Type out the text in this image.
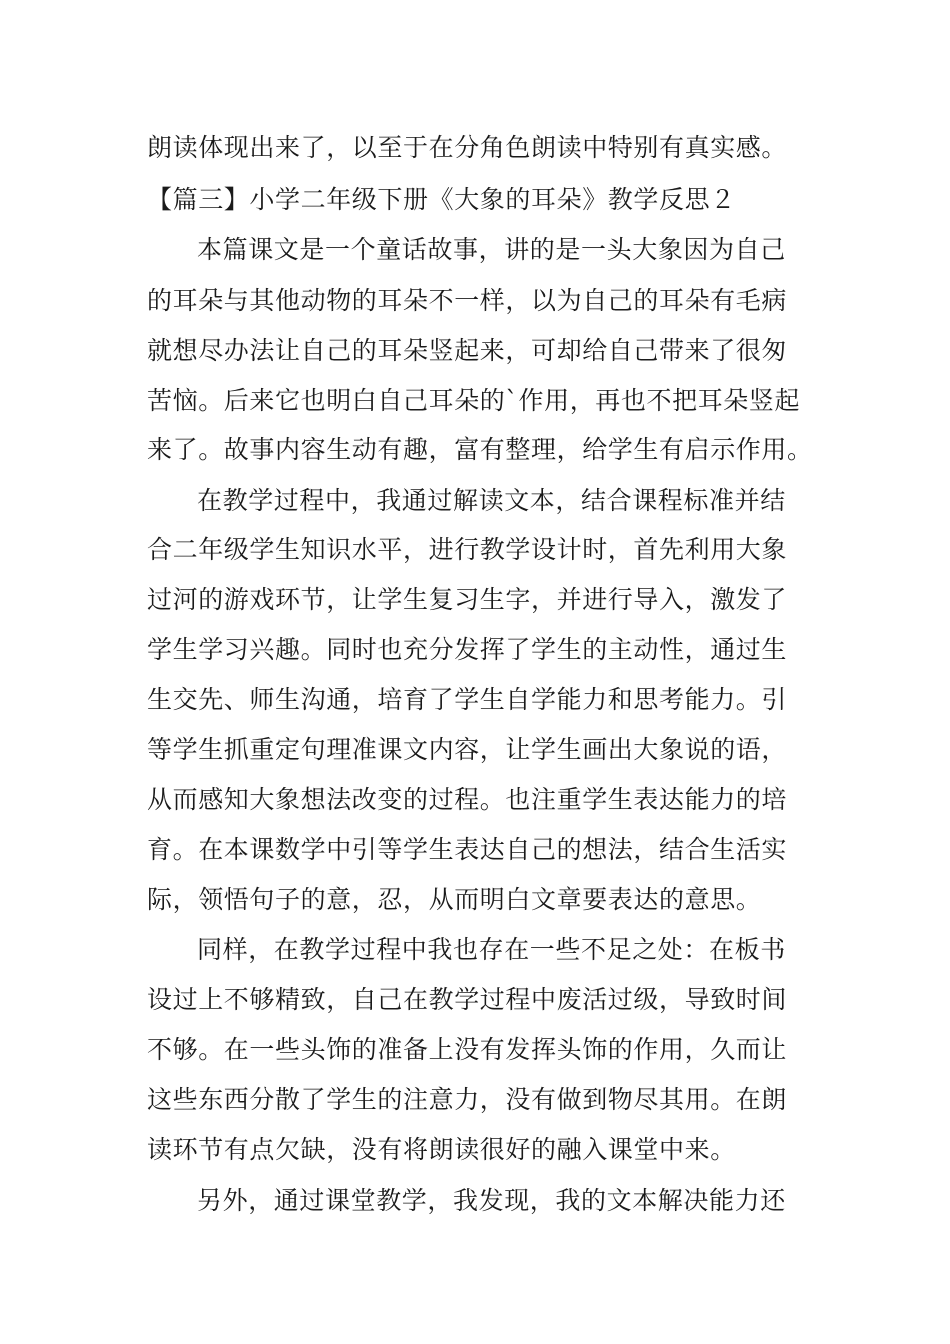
朗读体现出来了，以至于在分角色朗读中特别有真实感。
【篇三】小学二年级下册《大象的耳朵》教学反思２
本篇课文是一个童话故事，讲的是一头大象因为自己
的耳朵与其他动物的耳朵不一样，以为自己的耳朵有毛病
就想尽办法让自己的耳朵竖起来，可却给自己带来了很匆
苦恼。后来它也明白自己耳朵的`作用，再也不把耳朵竖起
来了。故事内容生动有趣，富有整理，给学生有启示作用。
在教学过程中，我通过解读文本，结合课程标准并结
合二年级学生知识水平，进行教学设计时，首先利用大象
过河的游戏环节，让学生复习生字，并进行导入，激发了
学生学习兴趣。同时也充分发挥了学生的主动性，通过生
生交先、师生沟通，培育了学生自学能力和思考能力。引
等学生抓重定句理准课文内容，让学生画出大象说的语，
从而感知大象想法改变的过程。也注重学生表达能力的培
育。在本课数学中引等学生表达自己的想法，结合生活实
际，领悟句子的意，忍，从而明白文章要表达的意思。
同样，在教学过程中我也存在一些不足之处：在板书
设过上不够精致，自己在教学过程中废活过级，导致时间
不够。在一些头饰的准备上没有发挥头饰的作用，久而让
这些东西分散了学生的注意力，没有做到物尽其用。在朗
读环节有点欠缺，没有将朗读很好的融入课堂中来。
另外，通过课堂教学，我发现，我的文本解决能力还
